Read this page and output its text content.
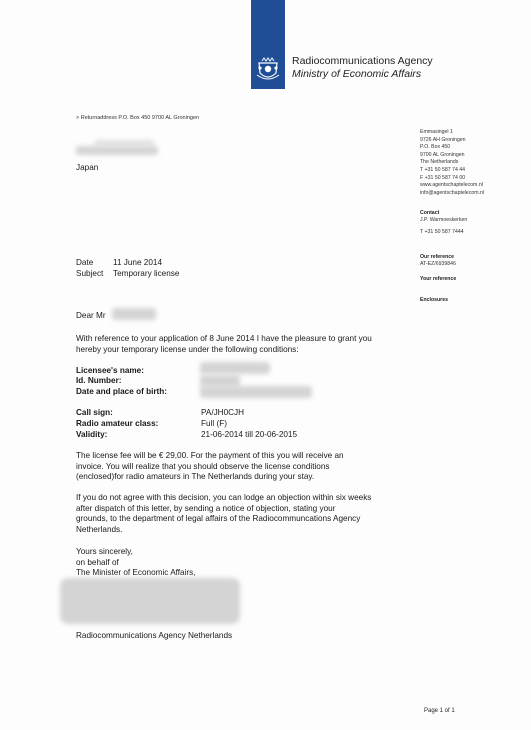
Radiocommunications Agency
Ministry of Economic Affairs
> Returnaddress P.O. Box 450 9700 AL Groningen
Japan
Emmasingel 1
9726 AH Groningen
P.O. Box 450
9700 AL Groningen
The Netherlands
T +31 50 587 74 44
F +31 50 587 74 00
www.agentschaptelecom.nl
info@agentschaptelecom.nl
Contact
J.P. Warmoeskerken
T +31 50 587 7444
Our reference
AT-EZ/6939846
Your reference
Enclosures
Date 11 June 2014
Subject Temporary license
Dear Mr
With reference to your application of 8 June 2014 I have the pleasure to grant you
hereby your temporary license under the following conditions:
Licensee's name:
Id. Number:
Date and place of birth:
Call sign:	PA/JH0CJH
Radio amateur class:	Full (F)
Validity:	21-06-2014 till 20-06-2015
The license fee will be € 29,00. For the payment of this you will receive an
invoice. You will realize that you should observe the license conditions
(enclosed)for radio amateurs in The Netherlands during your stay.
If you do not agree with this decision, you can lodge an objection within six weeks
after dispatch of this letter, by sending a notice of objection, stating your
grounds, to the department of legal affairs of the Radiocommuncations Agency
Netherlands.
Yours sincerely,
on behalf of
The Minister of Economic Affairs,
Radiocommunications Agency Netherlands
Page 1 of 1
